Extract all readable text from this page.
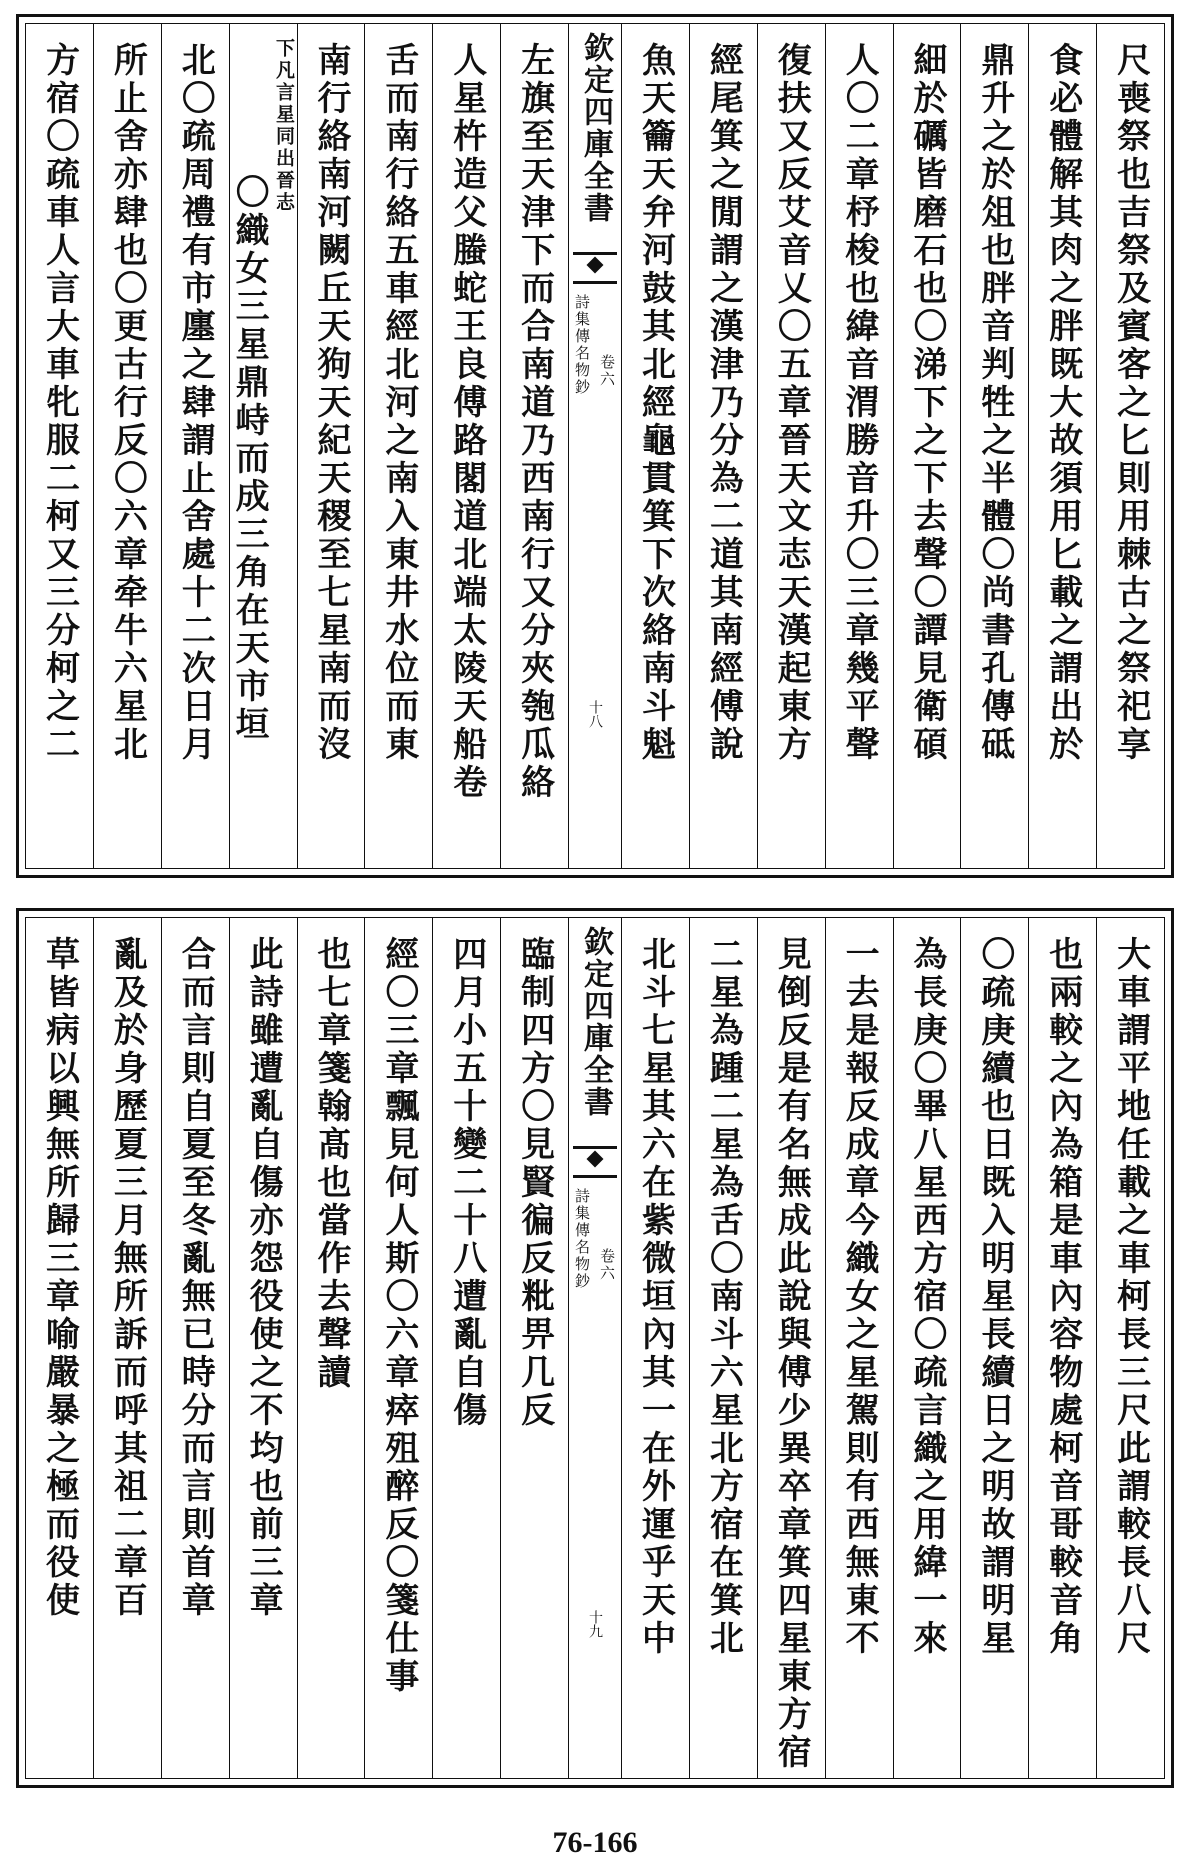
尺喪祭也吉祭及賓客之匕則用棘古之祭祀享
食必體解其肉之胖既大故須用匕載之謂出於
鼎升之於俎也胖音判牲之半體〇尚書孔傳砥
細於礪皆磨石也〇涕下之下去聲〇譚見衛碩
人〇二章杼梭也緯音渭勝音升〇三章幾平聲
復扶又反艾音乂〇五章晉天文志天漢起東方
經尾箕之閒謂之漢津乃分為二道其南經傅說
魚天籥天弁河鼓其北經龜貫箕下次絡南斗魁
欽定四庫全書
詩集傳名物鈔 卷六
十八
左旗至天津下而合南道乃西南行又分夾匏瓜絡
人星杵造父螣蛇王良傅路閣道北端太陵天船卷
舌而南行絡五車經北河之南入東井水位而東
南行絡南河闕丘天狗天紀天稷至七星南而沒
〇織女三星鼎峙而成三角在天市垣
下凡言星同出晉志
北〇疏周禮有市廛之肆謂止舍處十二次日月
所止舍亦肆也〇更古行反〇六章牵牛六星北
方宿〇疏車人言大車牝服二柯又三分柯之二
大車謂平地任載之車柯長三尺此謂較長八尺
也兩較之內為箱是車內容物處柯音哥較音角
〇疏庚續也日既入明星長續日之明故謂明星
為長庚〇畢八星西方宿〇疏言織之用緯一來
一去是報反成章今織女之星駕則有西無東不
見倒反是有名無成此說與傅少異卒章箕四星東方宿
二星為踵二星為舌〇南斗六星北方宿在箕北
北斗七星其六在紫微垣內其一在外運乎天中
欽定四庫全書
詩集傳名物鈔 卷六
十九
臨制四方〇見賢徧反粃畀几反
四月小五十變二十八遭亂自傷
經〇三章飄見何人斯〇六章瘁殂醉反〇箋仕事
也七章箋翰髙也當作去聲讀
此詩雖遭亂自傷亦怨役使之不均也前三章
合而言則自夏至冬亂無已時分而言則首章
亂及於身歷夏三月無所訴而呼其祖二章百
草皆病以興無所歸三章喻嚴暴之極而役使
76-166
